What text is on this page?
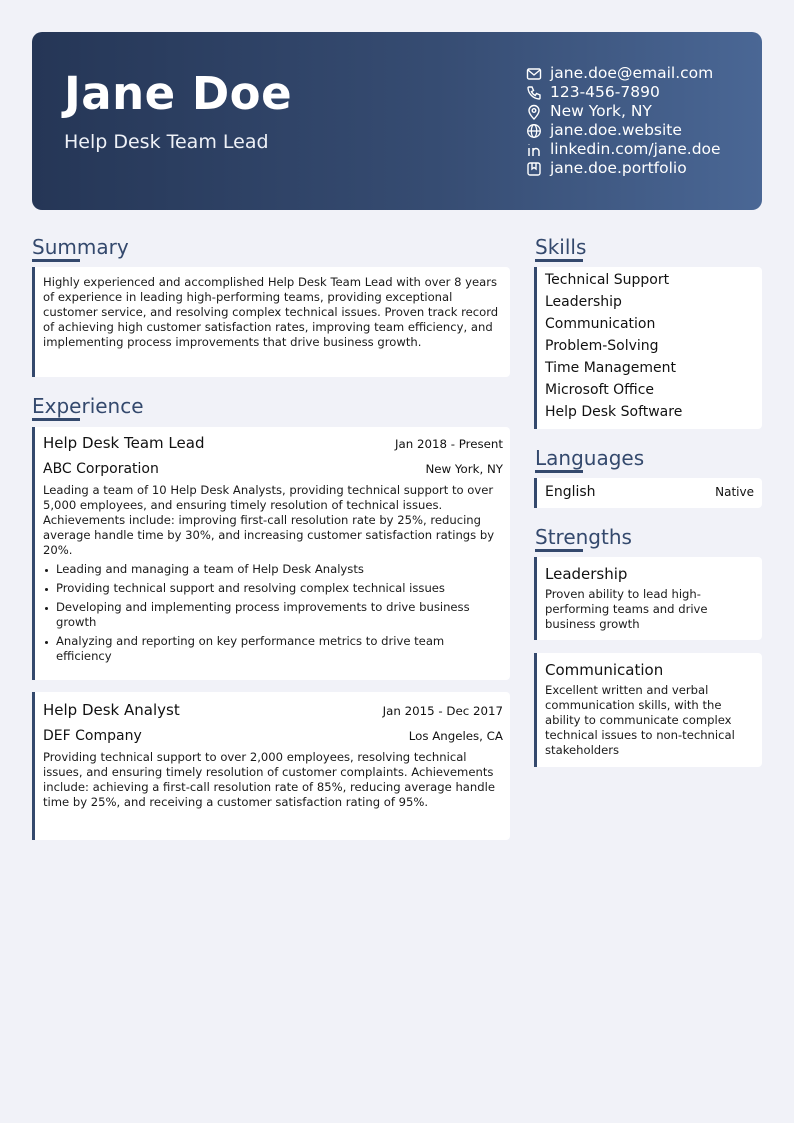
Jane Doe
Help Desk Team Lead
jane.doe@email.com
123-456-7890
New York, NY
jane.doe.website
linkedin.com/jane.doe
jane.doe.portfolio
Summary
Highly experienced and accomplished Help Desk Team Lead with over 8 years of experience in leading high-performing teams, providing exceptional customer service, and resolving complex technical issues. Proven track record of achieving high customer satisfaction rates, improving team efficiency, and implementing process improvements that drive business growth.
Experience
Help Desk Team Lead	Jan 2018 - Present
ABC Corporation	New York, NY
Leading a team of 10 Help Desk Analysts, providing technical support to over 5,000 employees, and ensuring timely resolution of technical issues. Achievements include: improving first-call resolution rate by 25%, reducing average handle time by 30%, and increasing customer satisfaction ratings by 20%.
Leading and managing a team of Help Desk Analysts
Providing technical support and resolving complex technical issues
Developing and implementing process improvements to drive business growth
Analyzing and reporting on key performance metrics to drive team efficiency
Help Desk Analyst	Jan 2015 - Dec 2017
DEF Company	Los Angeles, CA
Providing technical support to over 2,000 employees, resolving technical issues, and ensuring timely resolution of customer complaints. Achievements include: achieving a first-call resolution rate of 85%, reducing average handle time by 25%, and receiving a customer satisfaction rating of 95%.
Skills
Technical Support
Leadership
Communication
Problem-Solving
Time Management
Microsoft Office
Help Desk Software
Languages
English	Native
Strengths
Leadership
Proven ability to lead high-performing teams and drive business growth
Communication
Excellent written and verbal communication skills, with the ability to communicate complex technical issues to non-technical stakeholders
